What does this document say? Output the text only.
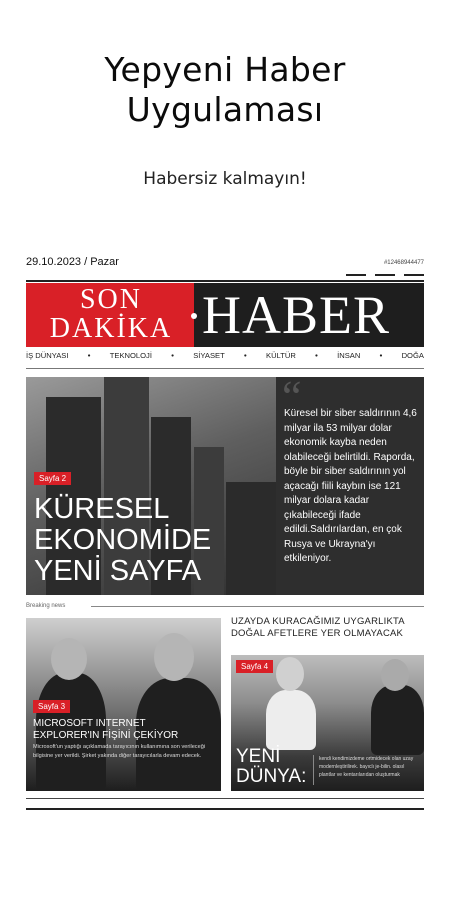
Yepyeni Haber
Uygulaması
Habersiz kalmayın!
29.10.2023 / Pazar	#12468944477
SON
DAKİKA HABER
İŞ DÜNYASI	•	TEKNOLOJİ	•	SİYASET	•	KÜLTÜR	•	İNSAN	•	DOĞA
Sayfa 2
KÜRESEL
EKONOMİDE
YENİ SAYFA
“
Küresel bir siber saldırının 4,6 milyar ila 53 milyar dolar ekonomik kayba neden olabileceği belirtildi. Raporda, böyle bir siber saldırının yol açacağı fiili kaybın ise 121 milyar dolara kadar çıkabileceği ifade edildi.Saldırılardan, en çok Rusya ve Ukrayna'yı etkileniyor.
Breaking news
Sayfa 3
MICROSOFT INTERNET EXPLORER'IN FİŞİNİ ÇEKİYOR
Microsoft'un yaptığı açıklamada tarayıcının kullanımına son verileceği bilgisine yer verildi. Şirket yakında diğer tarayıcılarla devam edecek.
UZAYDA KURACAĞIMIZ UYGARLIKTA DOĞAL AFETLERE YER OLMAYACAK
Sayfa 4
YENİ
DÜNYA:
kendi kendimizdeme ortmidecek olan uzay modernleştirilirek. bayıclı je-bilin. olasıl plantlar ve kentarılarıdan oluşturmak
